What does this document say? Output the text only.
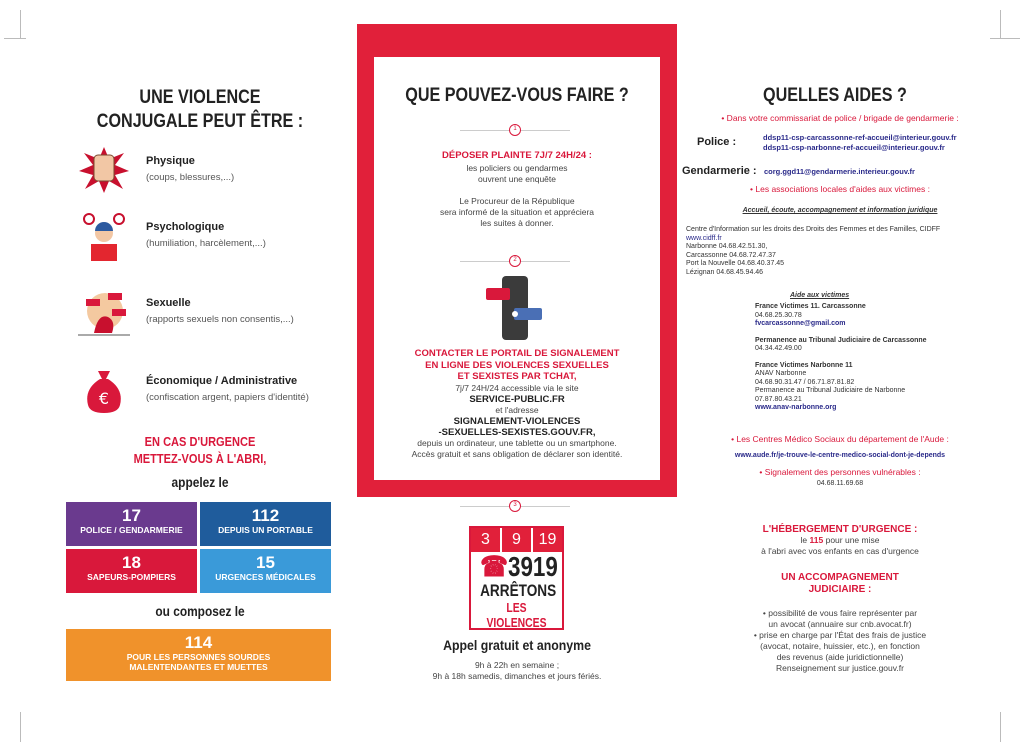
UNE VIOLENCE
CONJUGALE PEUT ÊTRE :
Physique
(coups, blessures,...)
Psychologique
(humiliation, harcèlement,...)
Sexuelle
(rapports sexuels non consentis,...)
€
Économique / Administrative
(confiscation argent, papiers d'identité)
EN CAS D'URGENCE
METTEZ-VOUS À L'ABRI,
appelez le
17
POLICE / GENDARMERIE
112
DEPUIS UN PORTABLE
18
SAPEURS-POMPIERS
15
URGENCES MÉDICALES
ou composez le
114
POUR LES PERSONNES SOURDES
MALENTENDANTES ET MUETTES
QUE POUVEZ-VOUS FAIRE ?
1
DÉPOSER PLAINTE 7J/7 24H/24 :
les policiers ou gendarmes
ouvrent une enquête
Le Procureur de la République
sera informé de la situation et appréciera
les suites à donner.
2
CONTACTER LE PORTAIL DE SIGNALEMENT
EN LIGNE DES VIOLENCES SEXUELLES
ET SEXISTES PAR TCHAT,
7j/7 24H/24 accessible via le site
SERVICE-PUBLIC.FR
et l'adresse
SIGNALEMENT-VIOLENCES
-SEXUELLES-SEXISTES.GOUV.FR,
depuis un ordinateur, une tablette ou un smartphone.
Accès gratuit et sans obligation de déclarer son identité.
3
3	9	19
☎3919
ARRÊTONS
LES VIOLENCES
Appel gratuit et anonyme
9h à 22h en semaine ;
9h à 18h samedis, dimanches et jours fériés.
QUELLES AIDES ?
• Dans votre commissariat de police / brigade de gendarmerie :
Police :	ddsp11-csp-carcassonne-ref-accueil@interieur.gouv.fr
ddsp11-csp-narbonne-ref-accueil@interieur.gouv.fr
Gendarmerie : corg.ggd11@gendarmerie.interieur.gouv.fr
• Les associations locales d'aides aux victimes :
Accueil, écoute, accompagnement et information juridique
Centre d'Information sur les droits des Droits des Femmes et des Familles, CIDFF
www.cidff.fr
Narbonne 04.68.42.51.30,
Carcassonne 04.68.72.47.37
Port la Nouvelle 04.68.40.37.45
Lézignan 04.68.45.94.46
Aide aux victimes
France Victimes 11. Carcassonne
04.68.25.30.78
fvcarcassonne@gmail.com
Permanence au Tribunal Judiciaire de Carcassonne
04.34.42.49.00
France Victimes Narbonne 11
ANAV Narbonne
04.68.90.31.47 / 06.71.87.81.82
Permanence au Tribunal Judiciaire de Narbonne
07.87.80.43.21
www.anav-narbonne.org
• Les Centres Médico Sociaux du département de l'Aude :
www.aude.fr/je-trouve-le-centre-medico-social-dont-je-depends
• Signalement des personnes vulnérables :
04.68.11.69.68
L'HÉBERGEMENT D'URGENCE :
le 115 pour une mise
à l'abri avec vos enfants en cas d'urgence
UN ACCOMPAGNEMENT
JUDICIAIRE :
• possibilité de vous faire représenter par
un avocat (annuaire sur cnb.avocat.fr)
• prise en charge par l'État des frais de justice
(avocat, notaire, huissier, etc.), en fonction
des revenus (aide juridictionnelle)
Renseignement sur justice.gouv.fr
